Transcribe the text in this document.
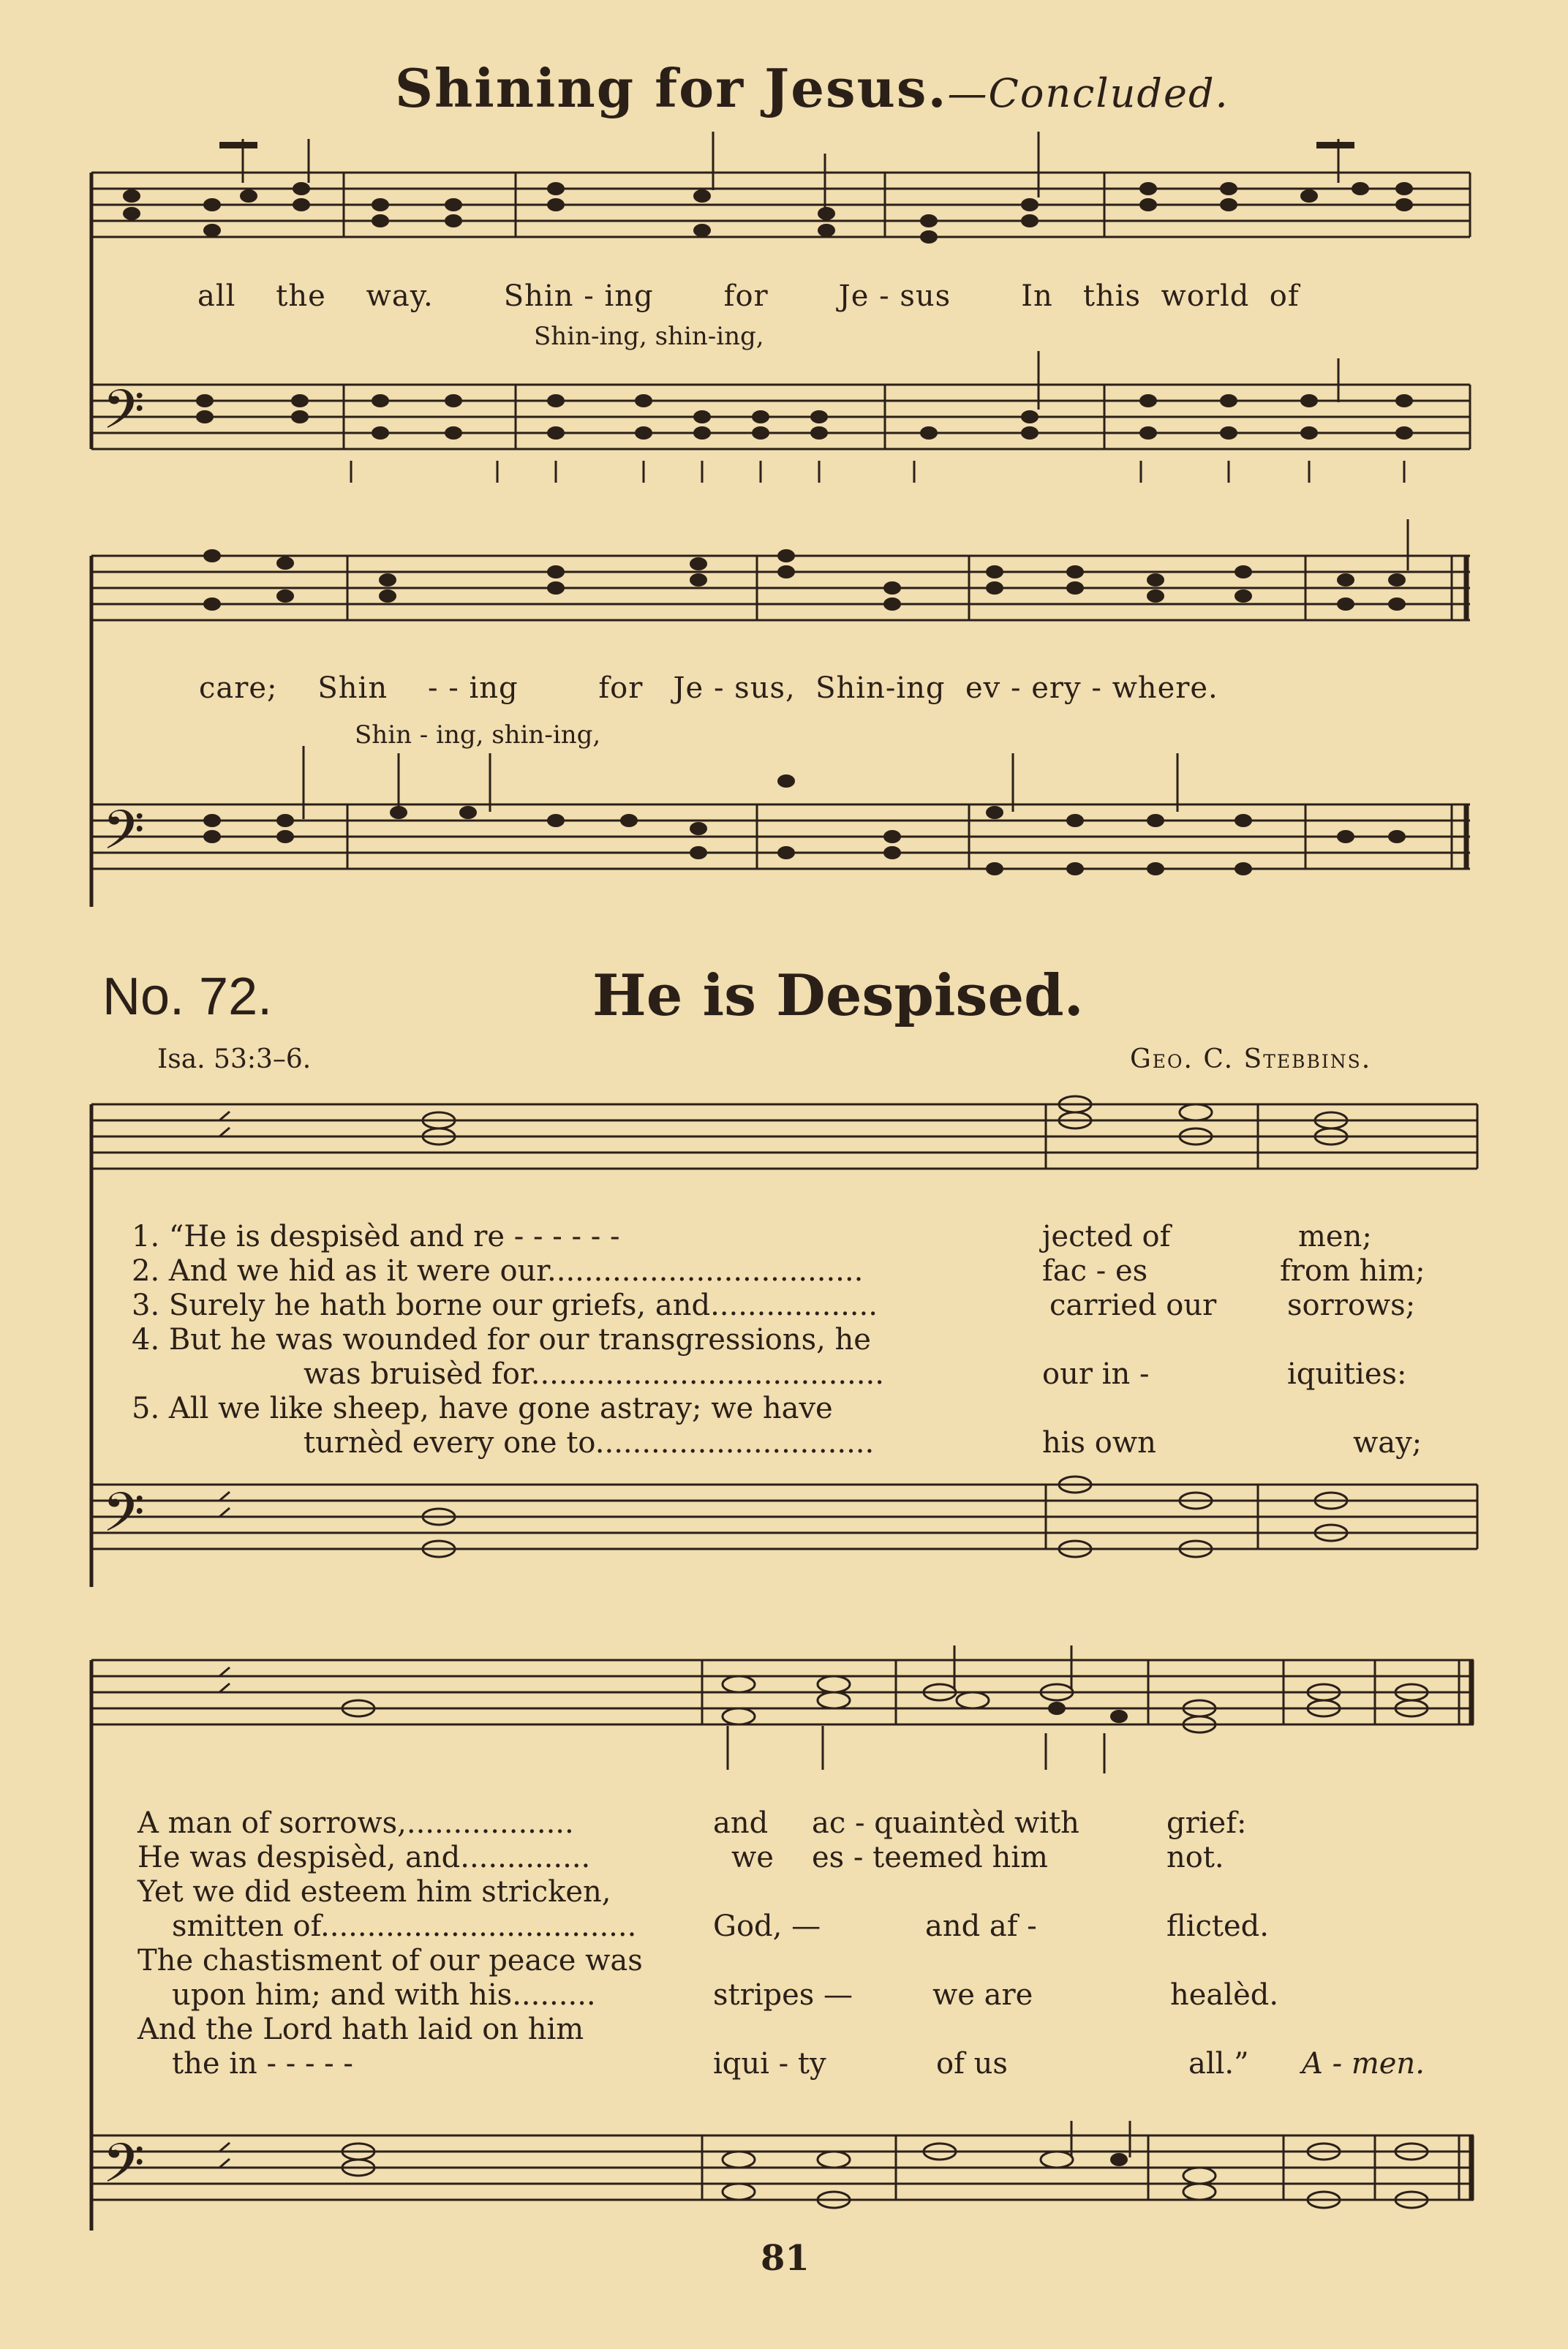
Shining for Jesus.—Concluded.
𝄢
all the way. Shin - ing for Je - sus In this world of
Shin-ing, shin-ing,
𝄢
care; Shin - - ing	for Je - sus, Shin-ing ev - ery - where.
Shin - ing, shin-ing,
No. 72.	He is Despised.
Isa. 53:3–6.	Geo. C. Stebbins.
𝄢
1. “He is despisèd and re - - - - - -	jected of	men;
2. And we hid as it were our..................................	fac - es	from him;
3. Surely he hath borne our griefs, and..................	carried our sorrows;
4. But he was wounded for our transgressions, he
was bruisèd for......................................	our in -	iquities:
5. All we like sheep, have gone astray; we have
turnèd every one to..............................	his own	way;
𝄢
A man of sorrows,..................	and ac - quaintèd with	grief:
He was despisèd, and..............	we es - teemed him	not.
Yet we did esteem him stricken,
smitten of..................................	God, —	and af -	flicted.
The chastisment of our peace was
upon him; and with his.........	stripes —	we are	healèd.
And the Lord hath laid on him
the in - - - - -	iqui - ty	of us	all.” A - men.
81
